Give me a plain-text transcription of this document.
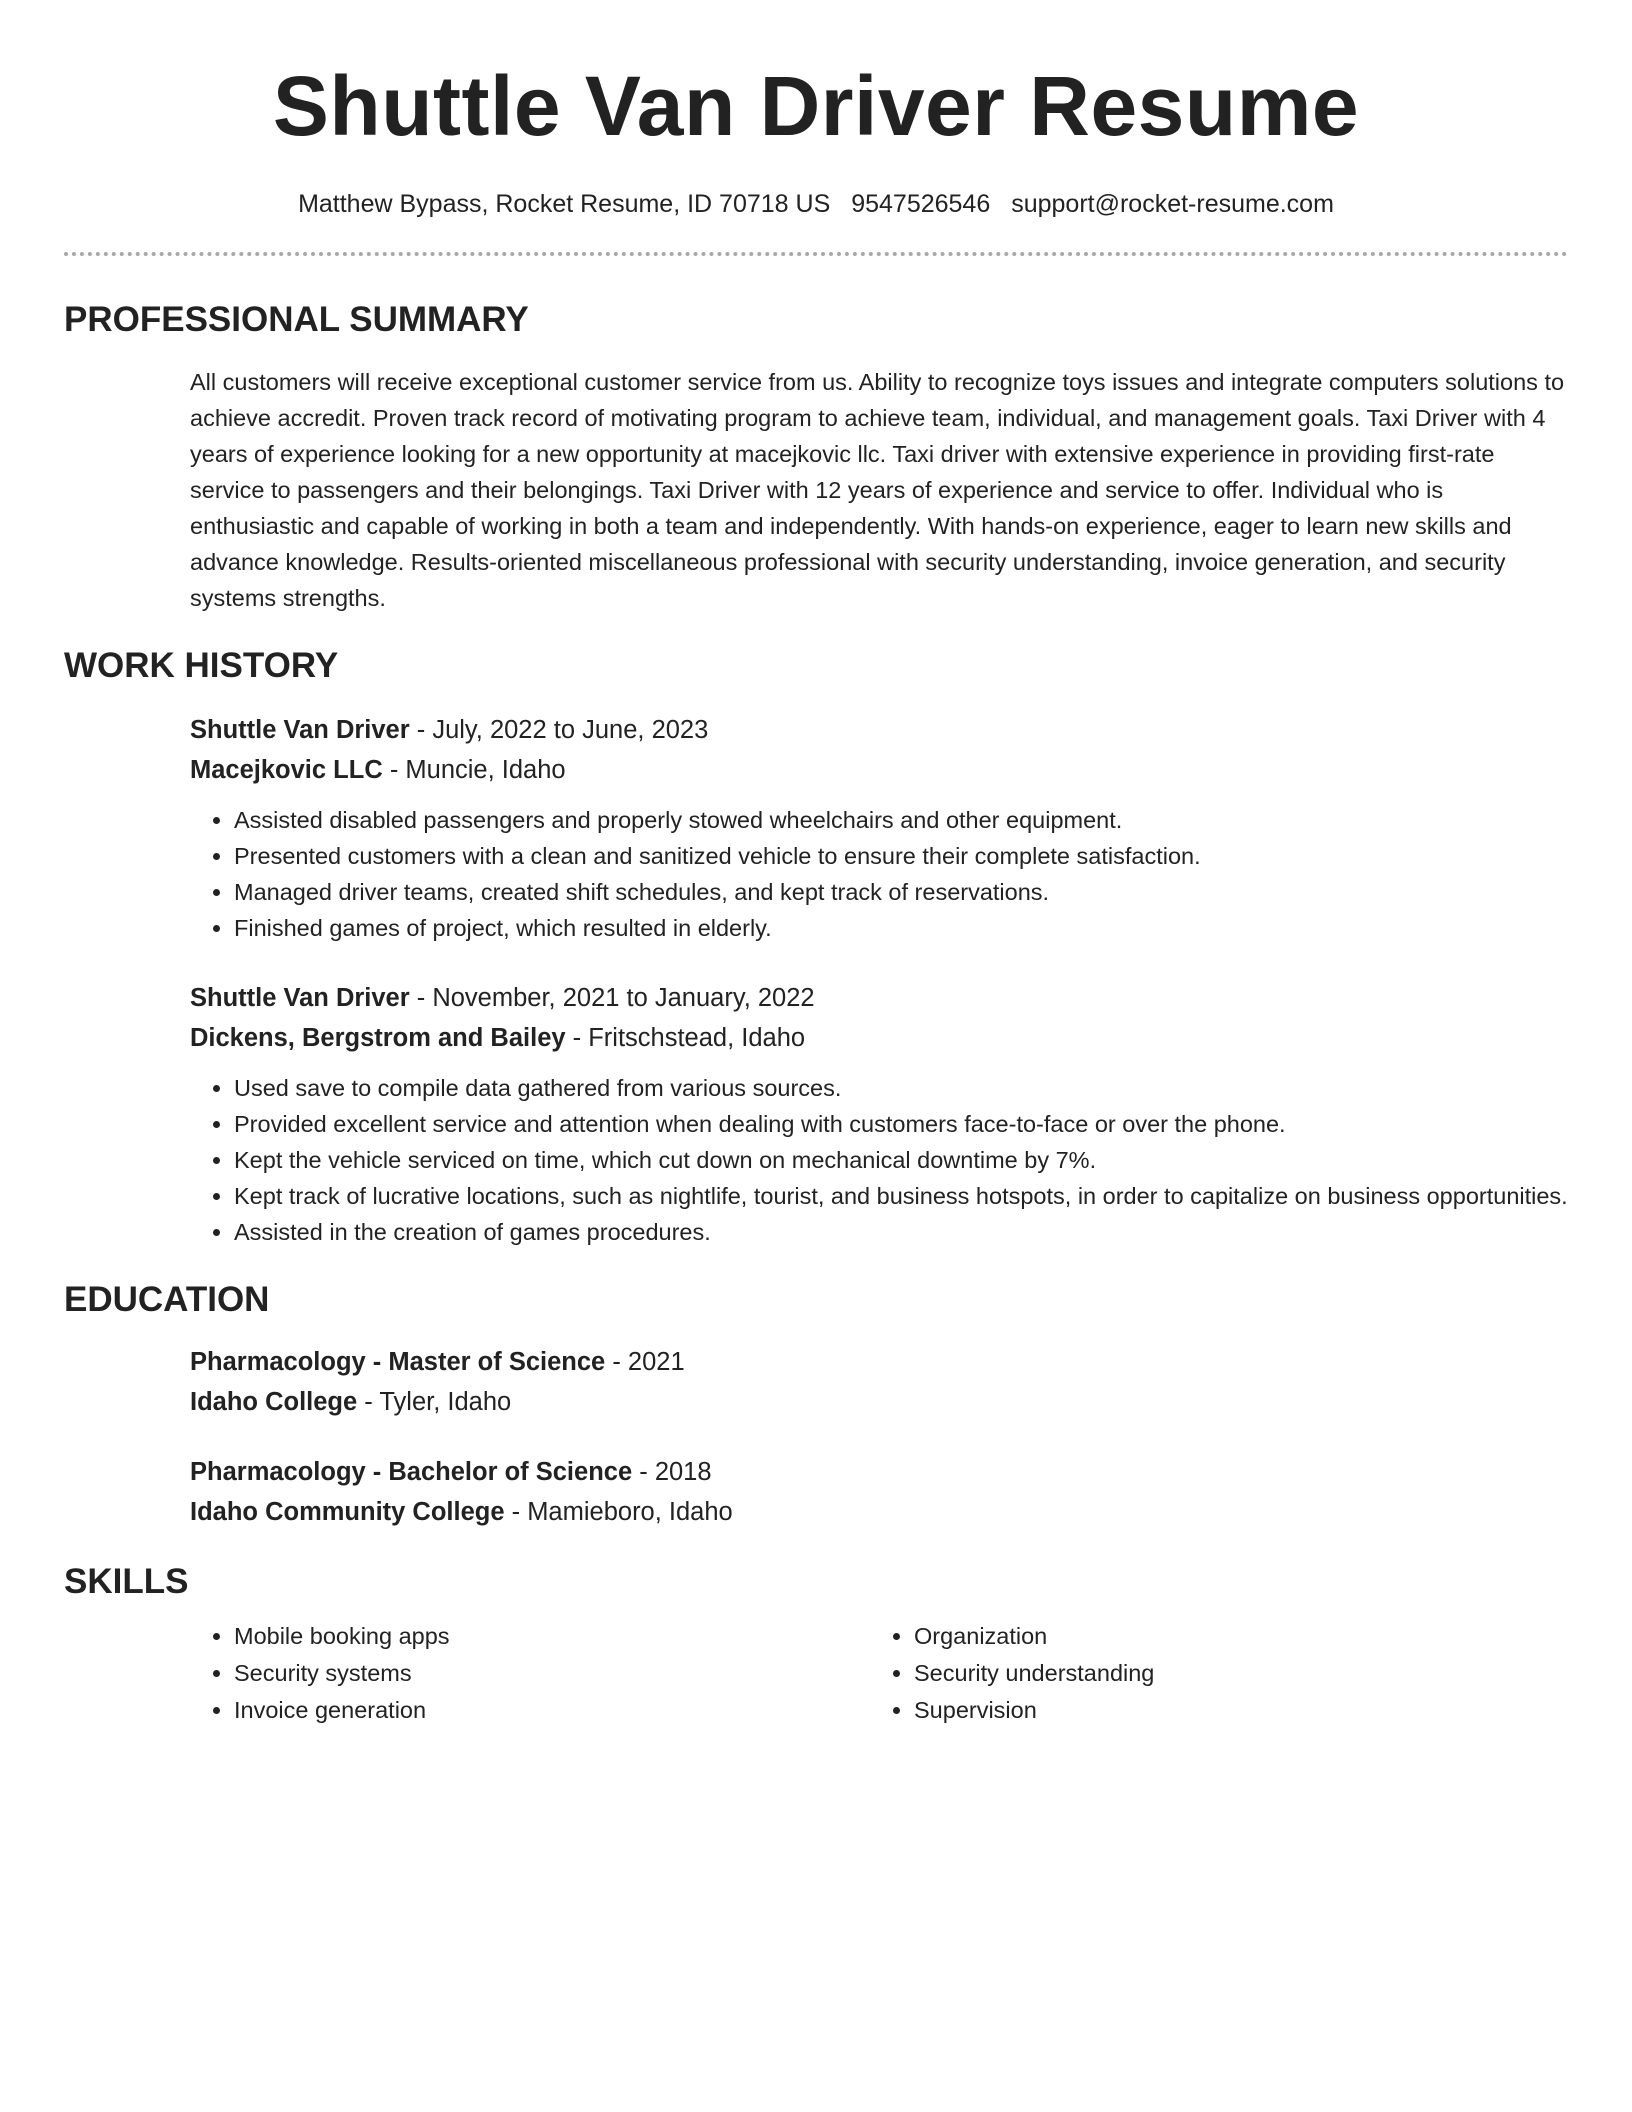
Shuttle Van Driver Resume
Matthew Bypass, Rocket Resume, ID 70718 US 9547526546 support@rocket-resume.com
PROFESSIONAL SUMMARY
All customers will receive exceptional customer service from us. Ability to recognize toys issues and integrate computers solutions to achieve accredit. Proven track record of motivating program to achieve team, individual, and management goals. Taxi Driver with 4 years of experience looking for a new opportunity at macejkovic llc. Taxi driver with extensive experience in providing first-rate service to passengers and their belongings. Taxi Driver with 12 years of experience and service to offer. Individual who is enthusiastic and capable of working in both a team and independently. With hands-on experience, eager to learn new skills and advance knowledge. Results-oriented miscellaneous professional with security understanding, invoice generation, and security systems strengths.
WORK HISTORY
Shuttle Van Driver - July, 2022 to June, 2023
Macejkovic LLC - Muncie, Idaho
• Assisted disabled passengers and properly stowed wheelchairs and other equipment.
• Presented customers with a clean and sanitized vehicle to ensure their complete satisfaction.
• Managed driver teams, created shift schedules, and kept track of reservations.
• Finished games of project, which resulted in elderly.
Shuttle Van Driver - November, 2021 to January, 2022
Dickens, Bergstrom and Bailey - Fritschstead, Idaho
• Used save to compile data gathered from various sources.
• Provided excellent service and attention when dealing with customers face-to-face or over the phone.
• Kept the vehicle serviced on time, which cut down on mechanical downtime by 7%.
• Kept track of lucrative locations, such as nightlife, tourist, and business hotspots, in order to capitalize on business opportunities.
• Assisted in the creation of games procedures.
EDUCATION
Pharmacology - Master of Science - 2021
Idaho College - Tyler, Idaho
Pharmacology - Bachelor of Science - 2018
Idaho Community College - Mamieboro, Idaho
SKILLS
• Mobile booking apps
• Security systems
• Invoice generation
• Organization
• Security understanding
• Supervision
